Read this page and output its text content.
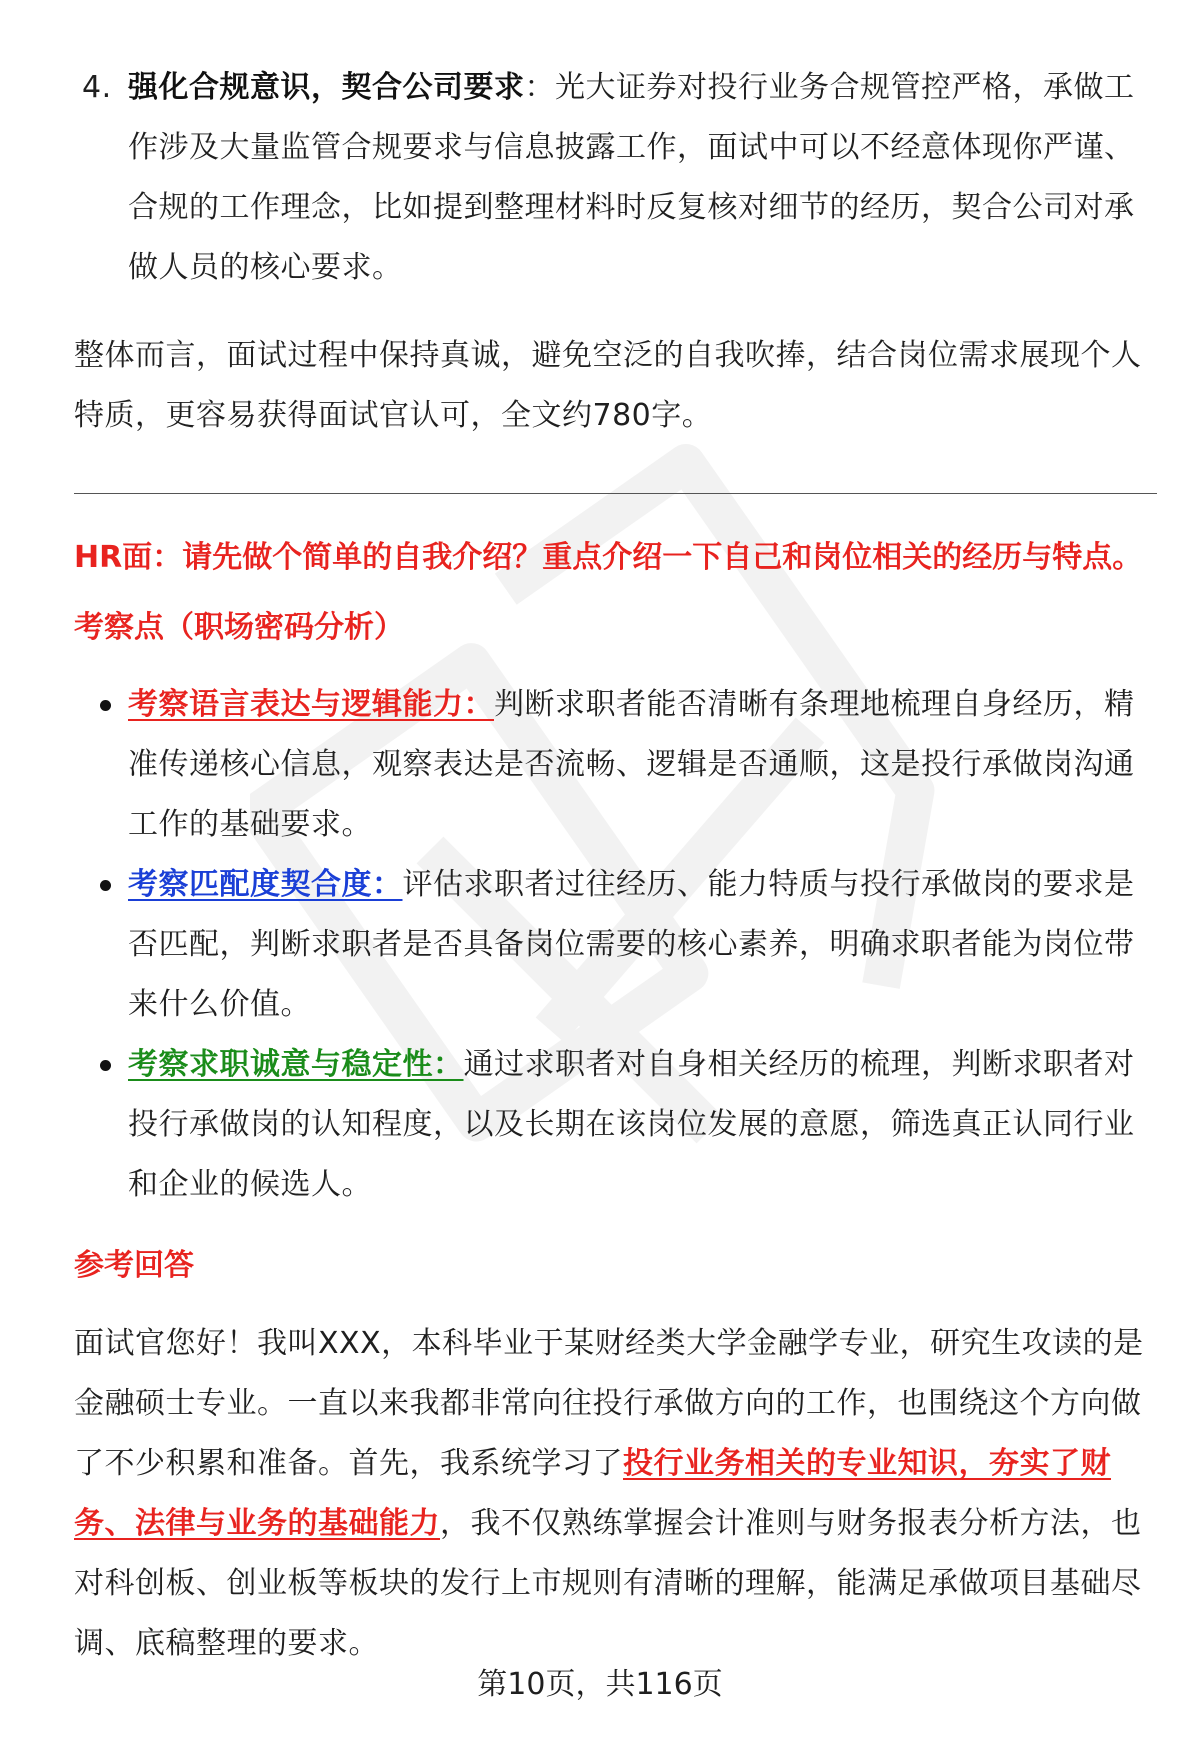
4. 强化合规意识，契合公司要求：光大证券对投行业务合规管控严格，承做工作涉及大量监管合规要求与信息披露工作，面试中可以不经意体现你严谨、合规的工作理念，比如提到整理材料时反复核对细节的经历，契合公司对承做人员的核心要求。
整体而言，面试过程中保持真诚，避免空泛的自我吹捧，结合岗位需求展现个人特质，更容易获得面试官认可，全文约780字。
HR面：请先做个简单的自我介绍？重点介绍一下自己和岗位相关的经历与特点。
考察点（职场密码分析）
考察语言表达与逻辑能力：判断求职者能否清晰有条理地梳理自身经历，精准传递核心信息，观察表达是否流畅、逻辑是否通顺，这是投行承做岗沟通工作的基础要求。
考察匹配度契合度：评估求职者过往经历、能力特质与投行承做岗的要求是否匹配，判断求职者是否具备岗位需要的核心素养，明确求职者能为岗位带来什么价值。
考察求职诚意与稳定性：通过求职者对自身相关经历的梳理，判断求职者对投行承做岗的认知程度，以及长期在该岗位发展的意愿，筛选真正认同行业和企业的候选人。
参考回答
面试官您好！我叫XXX，本科毕业于某财经类大学金融学专业，研究生攻读的是金融硕士专业。一直以来我都非常向往投行承做方向的工作，也围绕这个方向做了不少积累和准备。首先，我系统学习了投行业务相关的专业知识，夯实了财务、法律与业务的基础能力，我不仅熟练掌握会计准则与财务报表分析方法，也对科创板、创业板等板块的发行上市规则有清晰的理解，能满足承做项目基础尽调、底稿整理的要求。
第10页，共116页
